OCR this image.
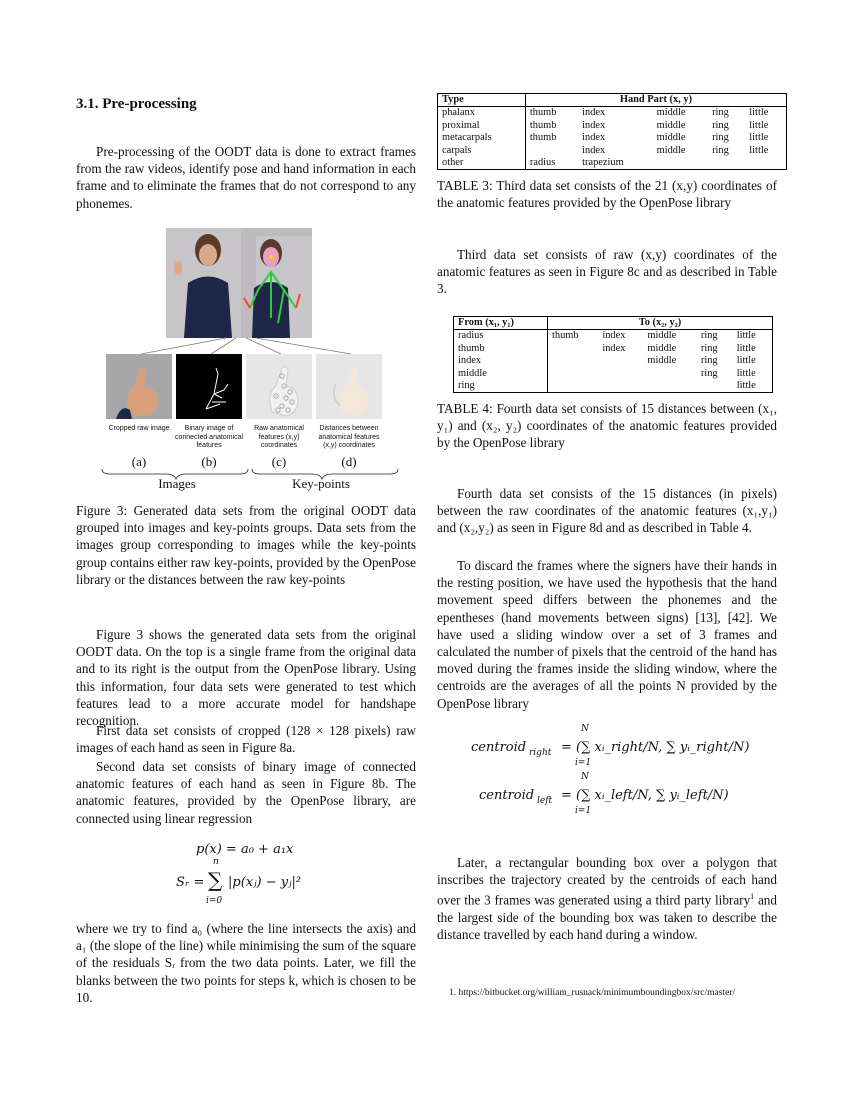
3.1. Pre-processing

Pre-processing of the OODT data is done to extract frames from the raw videos, identify pose and hand information in each frame and to eliminate the frames that do not correspond to any phonemes.

Cropped raw image	Binary image of connected anatomical features
Raw anatomical features (x,y) coordinates
Distances between anatomical features (x,y) coordinates
(a)	(b)	(c)	(d)
Images	Key-points

Figure 3: Generated data sets from the original OODT data grouped into images and key-points groups. Data sets from the images group corresponding to images while the key-points group contains either raw key-points, provided by the OpenPose library or the distances between the raw key-points

Figure 3 shows the generated data sets from the original OODT data. On the top is a single frame from the original data and to its right is the output from the OpenPose library. Using this information, four data sets were generated to test which features lead to a more accurate model for handshape recognition.

First data set consists of cropped (128 × 128 pixels) raw images of each hand as seen in Figure 8a.

Second data set consists of binary image of connected anatomic features of each hand as seen in Figure 8b. The anatomic features, provided by the OpenPose library, are connected using linear regression

p(x) = a₀ + a₁x
Sᵣ =
n
∑
i=0
|p(xⱼ) − yⱼ|²

where we try to find a₀ (where the line intersects the axis) and a₁ (the slope of the line) while minimising the sum of the square of the residuals Sᵣ from the two data points. Later, we fill the blanks between the two points for steps k, which is chosen to be 10.

Type	Hand Part (x, y)				
phalanx	thumb	index	middle	ring	little
proximal	thumb	index	middle	ring	little
metacarpals	thumb	index	middle	ring	little
carpals		index	middle	ring	little
other	radius	trapezium			

TABLE 3: Third data set consists of the 21 (x,y) coordinates of the anatomic features provided by the OpenPose library

Third data set consists of raw (x,y) coordinates of the anatomic features as seen in Figure 8c and as described in Table 3.

From (x₁, y₁)	To (x₂, y₂)				
radius	thumb	index	middle	ring	little
thumb		index	middle	ring	little
index			middle	ring	little
middle				ring	little
ring					little

TABLE 4: Fourth data set consists of 15 distances between (x₁, y₁) and (x₂, y₂) coordinates of the anatomic features provided by the OpenPose library

Fourth data set consists of the 15 distances (in pixels) between the raw coordinates of the anatomic features (x₁,y₁) and (x₂,y₂) as seen in Figure 8d and as described in Table 4.

To discard the frames where the signers have their hands in the resting position, we have used the hypothesis that the hand movement speed differs between the phonemes and the epentheses (hand movements between signs) [13], [42]. We have used a sliding window over a set of 3 frames and calculated the number of pixels that the centroid of the hand has moved during the frames inside the sliding window, where the centroids are the averages of all the points N provided by the OpenPose library

centroid right
N
i=1
= (∑ xᵢ_right/N, ∑ yᵢ_right/N)
centroid left
N
i=1
= (∑ xᵢ_left/N, ∑ yᵢ_left/N)

Later, a rectangular bounding box over a polygon that inscribes the trajectory created by the centroids of each hand over the 3 frames was generated using a third party library$^1$ and the largest side of the bounding box was taken to describe the distance travelled by each hand during a window.

1. https://bitbucket.org/william_rusnack/minimumboundingbox/src/master/
